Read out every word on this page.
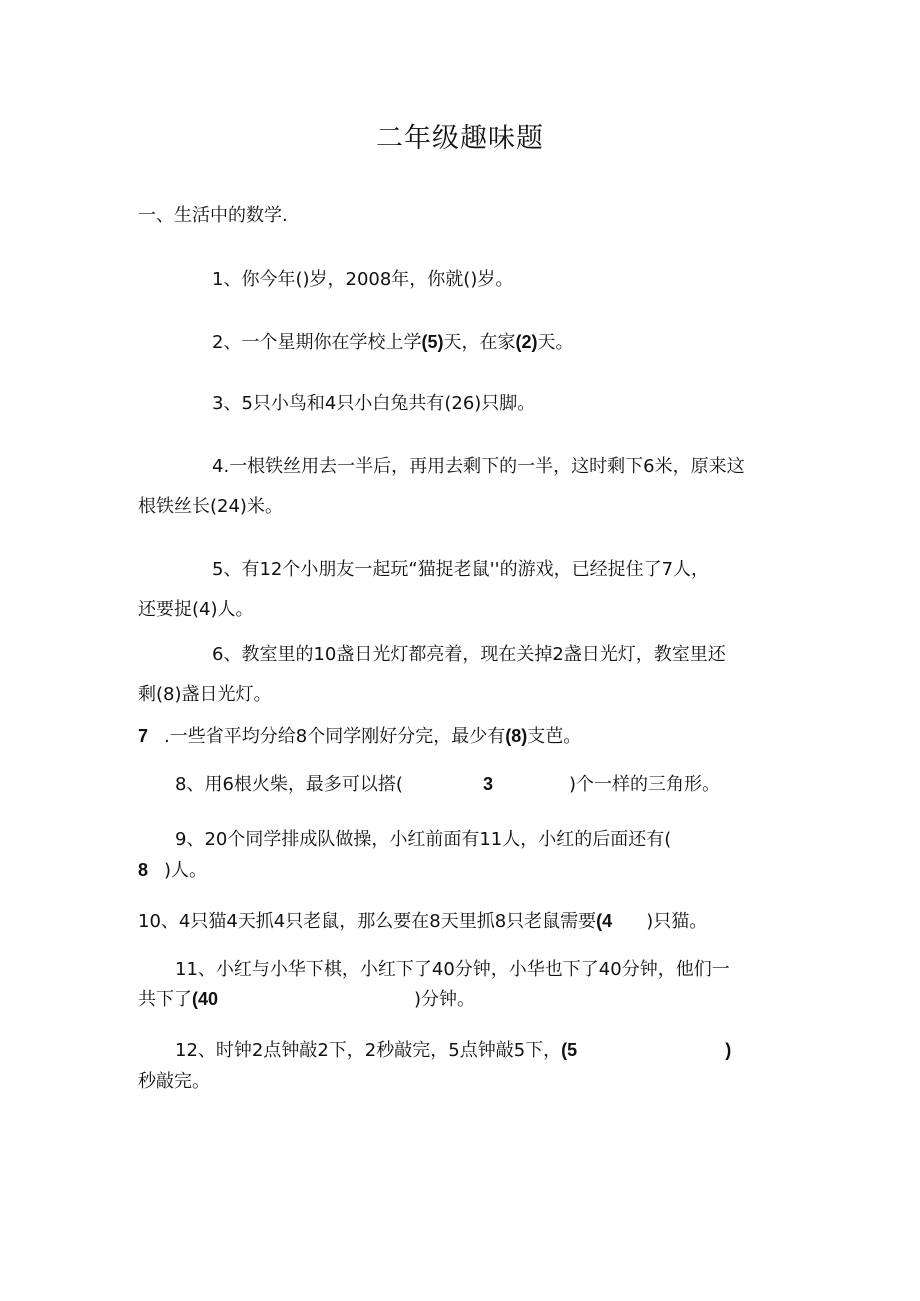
二年级趣味题
一、生活中的数学.
1、你今年()岁，2008年，你就()岁。
2、一个星期你在学校上学(5)天，在家(2)天。
3、5只小鸟和4只小白兔共有(26)只脚。
4.一根铁丝用去一半后，再用去剩下的一半，这时剩下6米，原来这
根铁丝长(24)米。
5、有12个小朋友一起玩“猫捉老鼠''的游戏，已经捉住了7人，
还要捉(4)人。
6、教室里的10盏日光灯都亮着，现在关掉2盏日光灯，教室里还
剩(8)盏日光灯。
7 .一些省平均分给8个同学刚好分完，最少有(8)支芭。
8、用6根火柴，最多可以搭(	3	)个一样的三角形。
9、20个同学排成队做操，小红前面有11人，小红的后面还有(
8 )人。
10、4只猫4天抓4只老鼠，那么要在8天里抓8只老鼠需要(4 )只猫。
11、小红与小华下棋，小红下了40分钟，小华也下了40分钟，他们一
共下了(40	)分钟。
12、时钟2点钟敲2下，2秒敲完，5点钟敲5下，(5	)
秒敲完。
